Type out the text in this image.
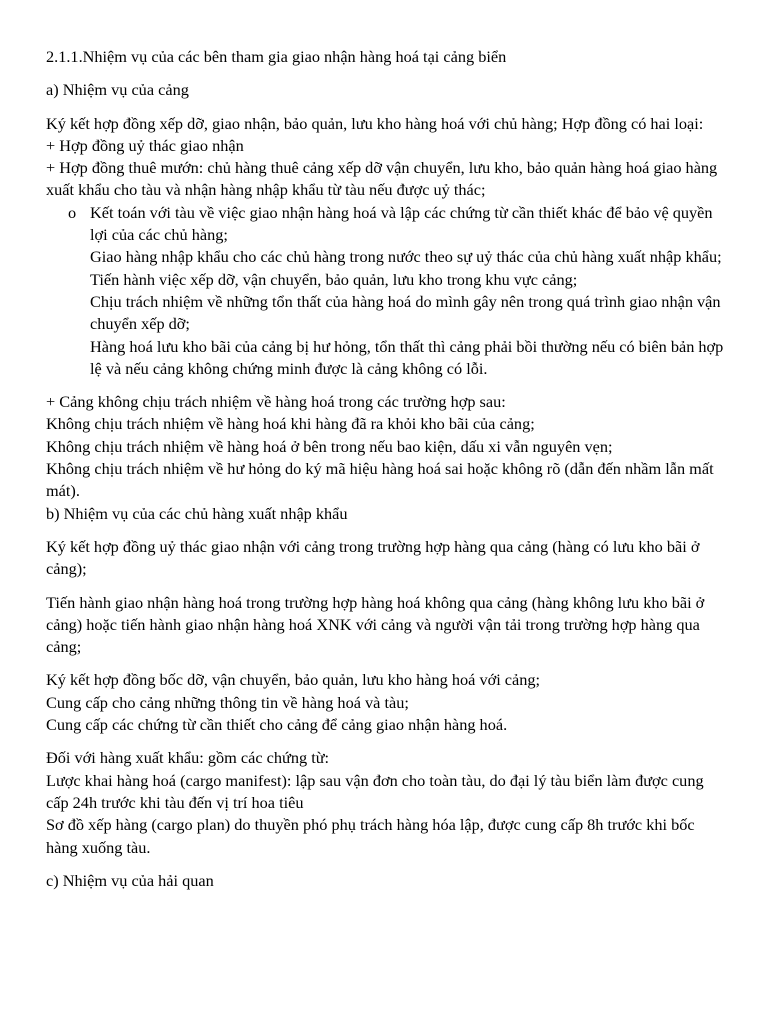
2.1.1.Nhiệm vụ của các bên tham gia giao nhận hàng hoá tại cảng biển

a) Nhiệm vụ của cảng

Ký kết hợp đồng xếp dỡ, giao nhận, bảo quản, lưu kho hàng hoá với chủ hàng; Hợp đồng có hai loại:

+ Hợp đồng uỷ thác giao nhận

+ Hợp đồng thuê mướn: chủ hàng thuê cảng xếp dỡ vận chuyển, lưu kho, bảo quản hàng hoá giao hàng xuất khẩu cho tàu và nhận hàng nhập khẩu từ tàu nếu được uỷ thác;

o Kết toán với tàu về việc giao nhận hàng hoá và lập các chứng từ cần thiết khác để bảo vệ quyền lợi của các chủ hàng;

Giao hàng nhập khẩu cho các chủ hàng trong nước theo sự uỷ thác của chủ hàng xuất nhập khẩu;

Tiến hành việc xếp dỡ, vận chuyển, bảo quản, lưu kho trong khu vực cảng;

Chịu trách nhiệm về những tổn thất của hàng hoá do mình gây nên trong quá trình giao nhận vận chuyển xếp dỡ;

Hàng hoá lưu kho bãi của cảng bị hư hỏng, tổn thất thì cảng phải bồi thường nếu có biên bản hợp lệ và nếu cảng không chứng minh được là cảng không có lỗi.

+ Cảng không chịu trách nhiệm về hàng hoá trong các trường hợp sau:

Không chịu trách nhiệm về hàng hoá khi hàng đã ra khỏi kho bãi của cảng;

Không chịu trách nhiệm về hàng hoá ở bên trong nếu bao kiện, dấu xi vẫn nguyên vẹn;

Không chịu trách nhiệm về hư hỏng do ký mã hiệu hàng hoá sai hoặc không rõ (dẫn đến nhầm lẫn mất mát).

b) Nhiệm vụ của các chủ hàng xuất nhập khẩu

Ký kết hợp đồng uỷ thác giao nhận với cảng trong trường hợp hàng qua cảng (hàng có lưu kho bãi ở cảng);

Tiến hành giao nhận hàng hoá trong trường hợp hàng hoá không qua cảng (hàng không lưu kho bãi ở cảng) hoặc tiến hành giao nhận hàng hoá XNK với cảng và người vận tải trong trường hợp hàng qua cảng;

Ký kết hợp đồng bốc dỡ, vận chuyển, bảo quản, lưu kho hàng hoá với cảng;

Cung cấp cho cảng những thông tin về hàng hoá và tàu;

Cung cấp các chứng từ cần thiết cho cảng để cảng giao nhận hàng hoá.

Đối với hàng xuất khẩu: gồm các chứng từ:

Lược khai hàng hoá (cargo manifest): lập sau vận đơn cho toàn tàu, do đại lý tàu biển làm được cung cấp 24h trước khi tàu đến vị trí hoa tiêu

Sơ đồ xếp hàng (cargo plan) do thuyền phó phụ trách hàng hóa lập, được cung cấp 8h trước khi bốc hàng xuống tàu.

c) Nhiệm vụ của hải quan
